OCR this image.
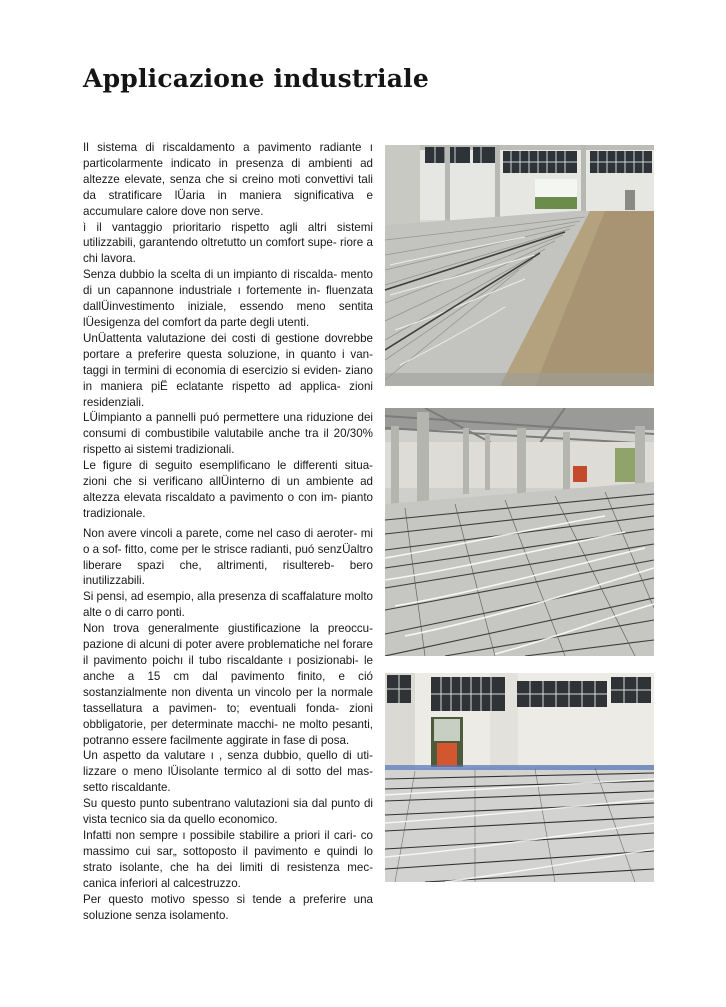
Applicazione industriale

Il sistema di riscaldamento a pavimento radiante ı particolarmente indicato in presenza di ambienti ad altezze elevate, senza che si creino moti convettivi tali da stratificare lÜaria in maniera significativa e accumulare calore dove non serve.

ì il vantaggio prioritario rispetto agli altri sistemi utilizzabili, garantendo oltretutto un comfort supe- riore a chi lavora.

Senza dubbio la scelta di un impianto di riscalda- mento di un capannone industriale ı fortemente in- fluenzata dallÜinvestimento iniziale, essendo meno sentita lÜesigenza del comfort da parte degli utenti.

UnÜattenta valutazione dei costi di gestione dovrebbe portare a preferire questa soluzione, in quanto i van- taggi in termini di economia di esercizio si eviden- ziano in maniera piË eclatante rispetto ad applica- zioni residenziali.

LÜimpianto a pannelli puó permettere una riduzione dei consumi di combustibile valutabile anche tra il 20/30% rispetto ai sistemi tradizionali.

Le figure di seguito esemplificano le differenti situa- zioni che si verificano allÜinterno di un ambiente ad altezza elevata riscaldato a pavimento o con im- pianto tradizionale.

Non avere vincoli a parete, come nel caso di aeroter- mi o a sof- fitto, come per le strisce radianti, puó senzÜaltro liberare spazi che, altrimenti, risulterеb- bero inutilizzabili.

Si pensi, ad esempio, alla presenza di scaffalature molto alte o di carro ponti.

Non trova generalmente giustificazione la preoccu- pazione di alcuni di poter avere problematiche nel forare il pavimento poichı il tubo riscaldante ı posizionabi- le anche a 15 cm dal pavimento finito, e ció sostanzialmente non diventa un vincolo per la normale tassellatura a pavimen- to; eventuali fonda- zioni obbligatorie, per determinate macchi- ne molto pesanti, potranno essere facilmente aggirate in fase di posa.

Un aspetto da valutare ı , senza dubbio, quello di uti- lizzare o meno lÜisolante termico al di sotto del mas- setto riscaldante.

Su questo punto subentrano valutazioni sia dal punto di vista tecnico sia da quello economico.

Infatti non sempre ı possibile stabilire a priori il cari- co massimo cui sar„ sottoposto il pavimento e quindi lo strato isolante, che ha dei limiti di resistenza mec- canica inferiori al calcestruzzo.

Per questo motivo spesso si tende a preferire una soluzione senza isolamento.
